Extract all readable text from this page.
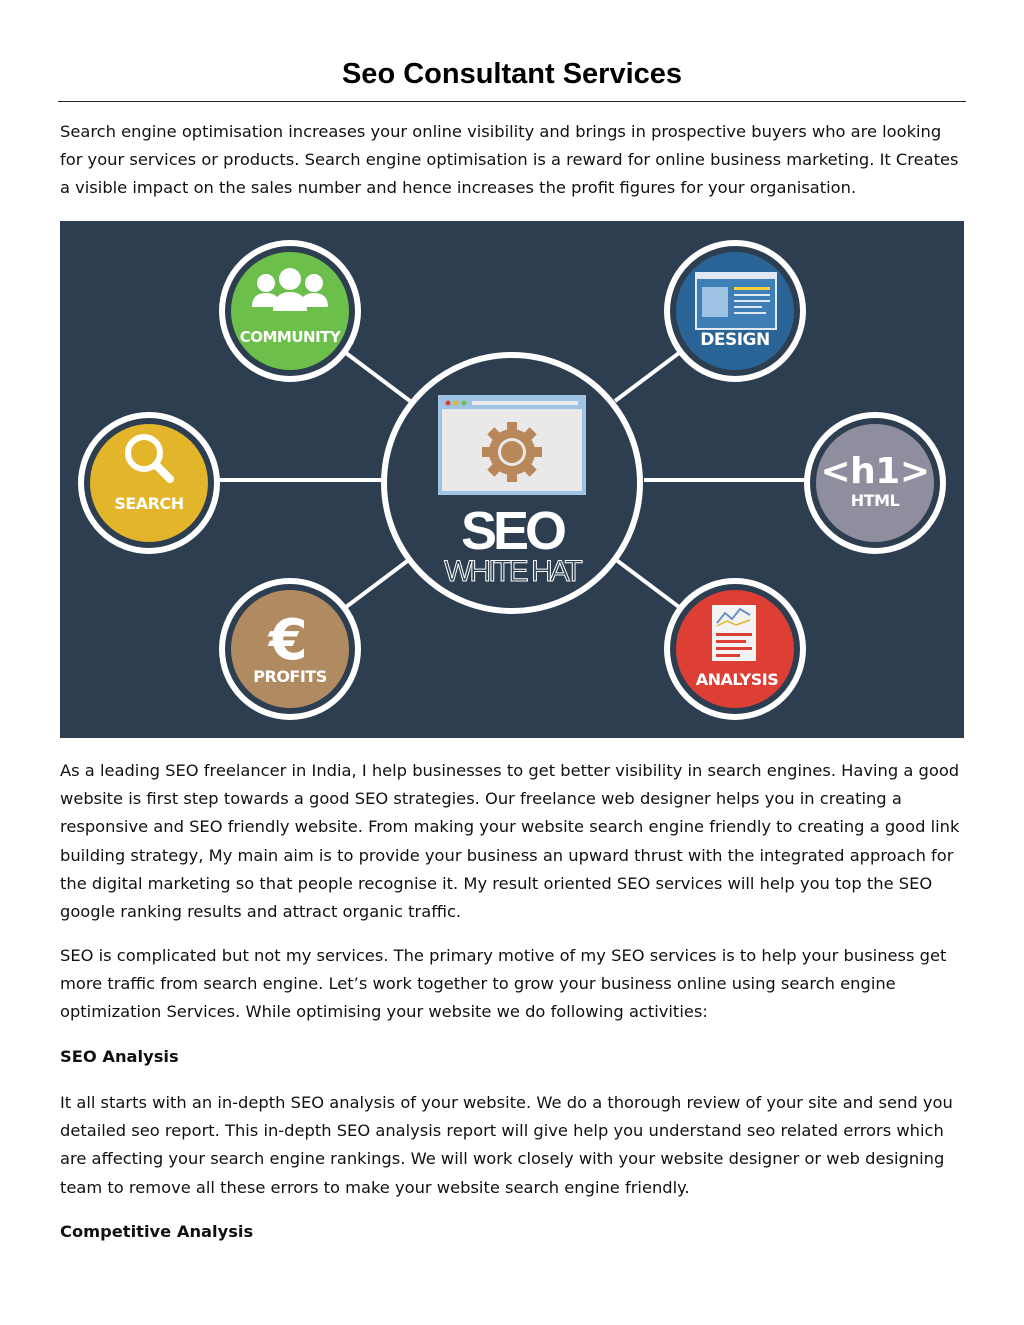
Seo Consultant Services

Search engine optimisation increases your online visibility and brings in prospective buyers who are looking for your services or products. Search engine optimisation is a reward for online business marketing. It Creates a visible impact on the sales number and hence increases the profit figures for your organisation.

COMMUNITY	DESIGN
SEARCH
<h1>
HTML
€
PROFITS	ANALYSIS
SEO
WHITE HAT

As a leading SEO freelancer in India, I help businesses to get better visibility in search engines. Having a good website is first step towards a good SEO strategies. Our freelance web designer helps you in creating a responsive and SEO friendly website. From making your website search engine friendly to creating a good link building strategy, My main aim is to provide your business an upward thrust with the integrated approach for the digital marketing so that people recognise it. My result oriented SEO services will help you top the SEO google ranking results and attract organic traffic.

SEO is complicated but not my services. The primary motive of my SEO services is to help your business get more traffic from search engine. Let’s work together to grow your business online using search engine optimization Services. While optimising your website we do following activities:

SEO Analysis

It all starts with an in-depth SEO analysis of your website. We do a thorough review of your site and send you detailed seo report. This in-depth SEO analysis report will give help you understand seo related errors which are affecting your search engine rankings. We will work closely with your website designer or web designing team to remove all these errors to make your website search engine friendly.

Competitive Analysis
